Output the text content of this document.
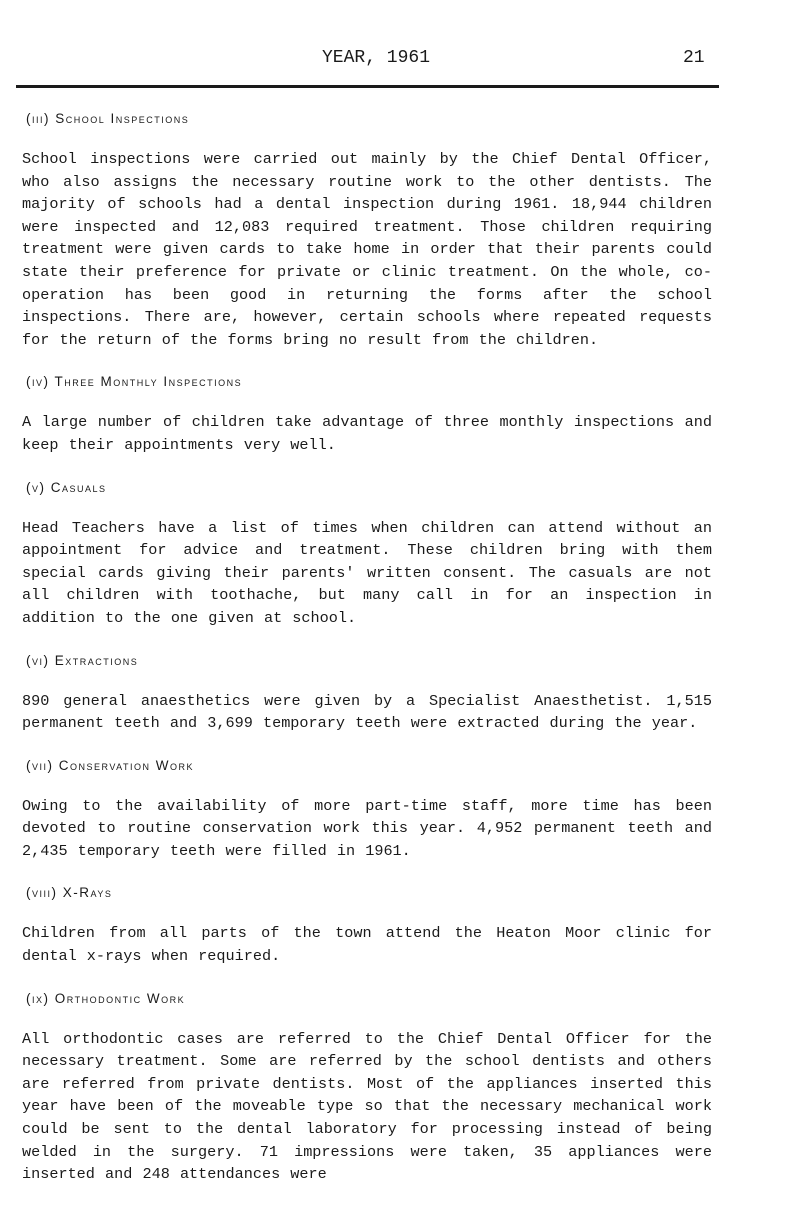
YEAR, 1961	21
(iii) School Inspections

School inspections were carried out mainly by the Chief Dental Officer, who also assigns the necessary routine work to the other dentists. The majority of schools had a dental inspection during 1961. 18,944 children were inspected and 12,083 required treatment. Those children requiring treatment were given cards to take home in order that their parents could state their preference for private or clinic treatment. On the whole, co-operation has been good in returning the forms after the school inspections. There are, however, certain schools where repeated requests for the return of the forms bring no result from the children.

(iv) Three Monthly Inspections

A large number of children take advantage of three monthly inspections and keep their appointments very well.

(v) Casuals

Head Teachers have a list of times when children can attend without an appointment for advice and treatment. These children bring with them special cards giving their parents' written consent. The casuals are not all children with toothache, but many call in for an inspection in addition to the one given at school.

(vi) Extractions

890 general anaesthetics were given by a Specialist Anaesthetist. 1,515 permanent teeth and 3,699 temporary teeth were extracted during the year.

(vii) Conservation Work

Owing to the availability of more part-time staff, more time has been devoted to routine conservation work this year. 4,952 permanent teeth and 2,435 temporary teeth were filled in 1961.

(viii) X-Rays

Children from all parts of the town attend the Heaton Moor clinic for dental x-rays when required.

(ix) Orthodontic Work

All orthodontic cases are referred to the Chief Dental Officer for the necessary treatment. Some are referred by the school dentists and others are referred from private dentists. Most of the appliances inserted this year have been of the moveable type so that the necessary mechanical work could be sent to the dental laboratory for processing instead of being welded in the surgery. 71 impressions were taken, 35 appliances were inserted and 248 attendances were
